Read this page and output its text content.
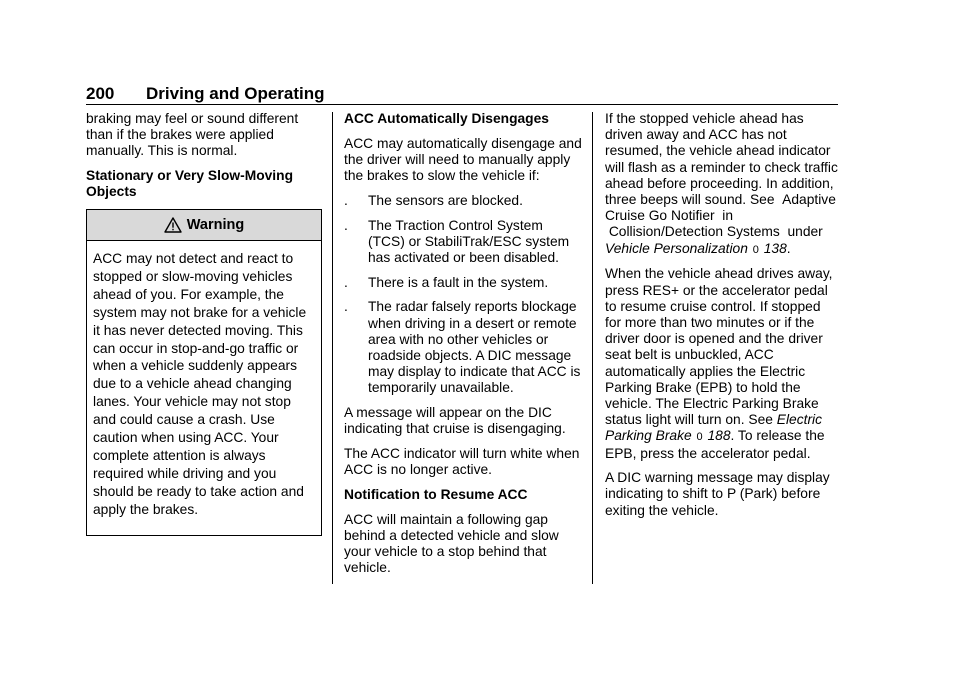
200 Driving and Operating

braking may feel or sound different than if the brakes were applied manually. This is normal.

Stationary or Very Slow-Moving Objects

Warning

ACC may not detect and react to stopped or slow-moving vehicles ahead of you. For example, the system may not brake for a vehicle it has never detected moving. This can occur in stop-and-go traffic or when a vehicle suddenly appears due to a vehicle ahead changing lanes. Your vehicle may not stop and could cause a crash. Use caution when using ACC. Your complete attention is always required while driving and you should be ready to take action and apply the brakes.

ACC Automatically Disengages

ACC may automatically disengage and the driver will need to manually apply the brakes to slow the vehicle if:

. The sensors are blocked.
. The Traction Control System (TCS) or StabiliTrak/ESC system has activated or been disabled.
. There is a fault in the system.
. The radar falsely reports blockage when driving in a desert or remote area with no other vehicles or roadside objects. A DIC message may display to indicate that ACC is temporarily unavailable.

A message will appear on the DIC indicating that cruise is disengaging.

The ACC indicator will turn white when ACC is no longer active.

Notification to Resume ACC

ACC will maintain a following gap behind a detected vehicle and slow your vehicle to a stop behind that vehicle.

If the stopped vehicle ahead has driven away and ACC has not resumed, the vehicle ahead indicator will flash as a reminder to check traffic ahead before proceeding. In addition, three beeps will sound. See  Adaptive Cruise Go Notifier  in  Collision/Detection Systems  under Vehicle Personalization 0 138.

When the vehicle ahead drives away, press RES+ or the accelerator pedal to resume cruise control. If stopped for more than two minutes or if the driver door is opened and the driver seat belt is unbuckled, ACC automatically applies the Electric Parking Brake (EPB) to hold the vehicle. The Electric Parking Brake status light will turn on. See Electric Parking Brake 0 188. To release the EPB, press the accelerator pedal.

A DIC warning message may display indicating to shift to P (Park) before exiting the vehicle.
